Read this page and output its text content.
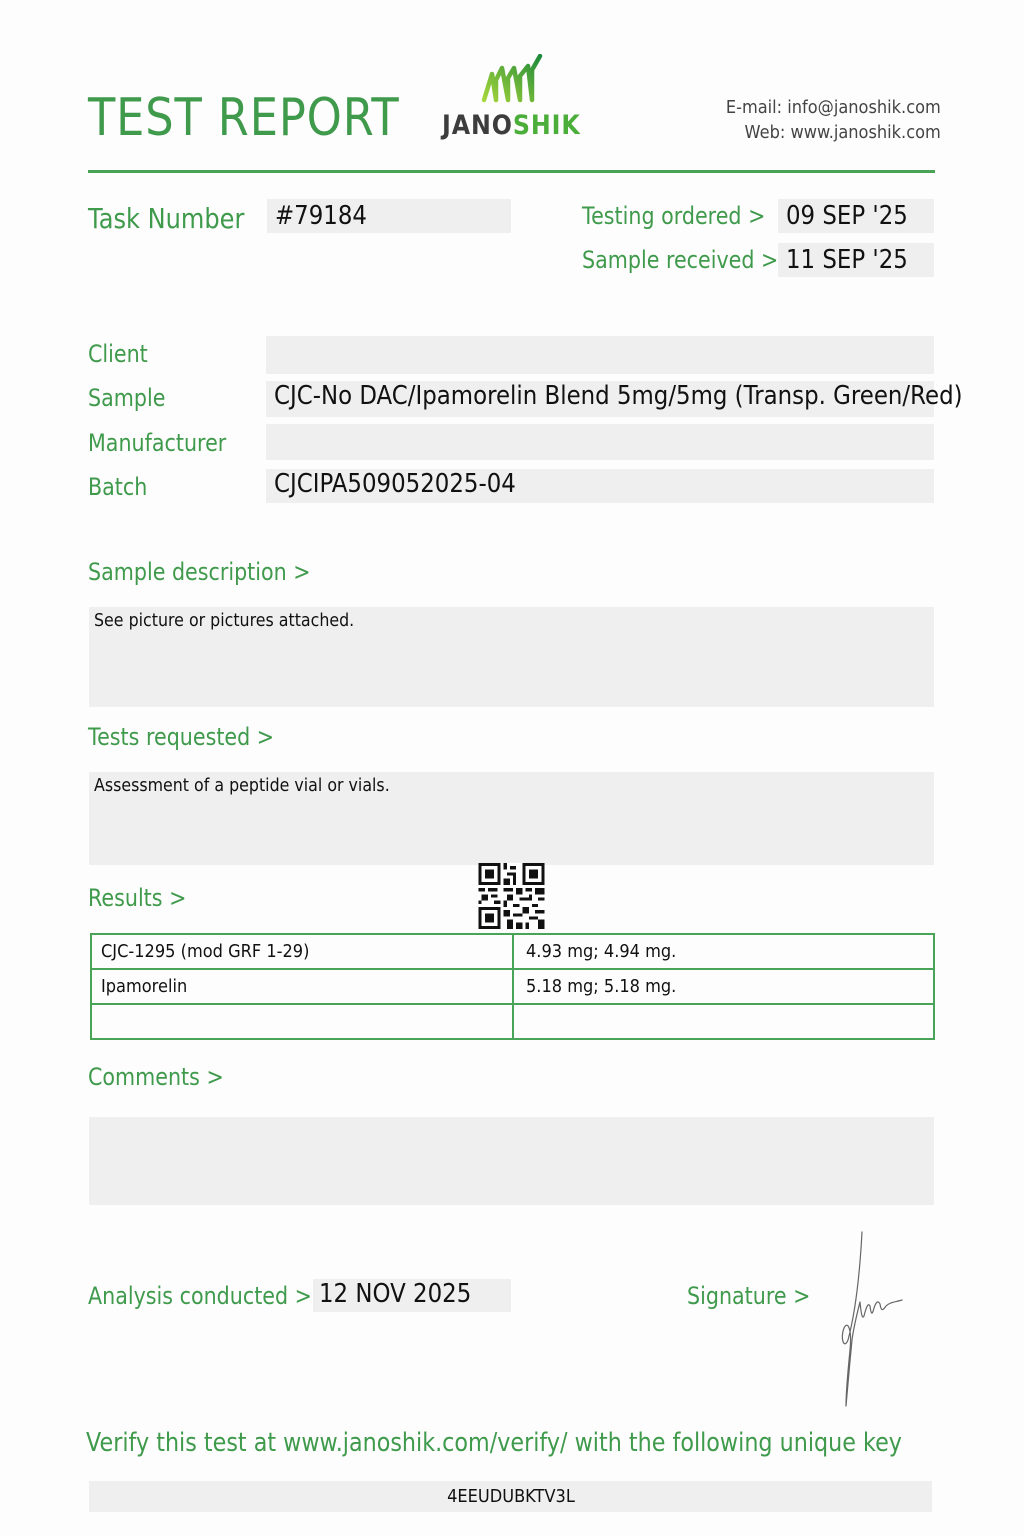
TEST REPORT JANOSHIK
E-mail: info@janoshik.com
Web: www.janoshik.com
Task Number #79184	Testing ordered > 09 SEP '25
Sample received > 11 SEP '25
Client
Sample	CJC-No DAC/Ipamorelin Blend 5mg/5mg (Transp. Green/Red)
Manufacturer
Batch	CJCIPA509052025-04
Sample description >
See picture or pictures attached.
Tests requested >
Assessment of a peptide vial or vials.
Results >
CJC-1295 (mod GRF 1-29)	4.93 mg; 4.94 mg.
Ipamorelin	5.18 mg; 5.18 mg.

Comments >
Analysis conducted > 12 NOV 2025	Signature >
Verify this test at www.janoshik.com/verify/ with the following unique key
4EEUDUBKTV3L
